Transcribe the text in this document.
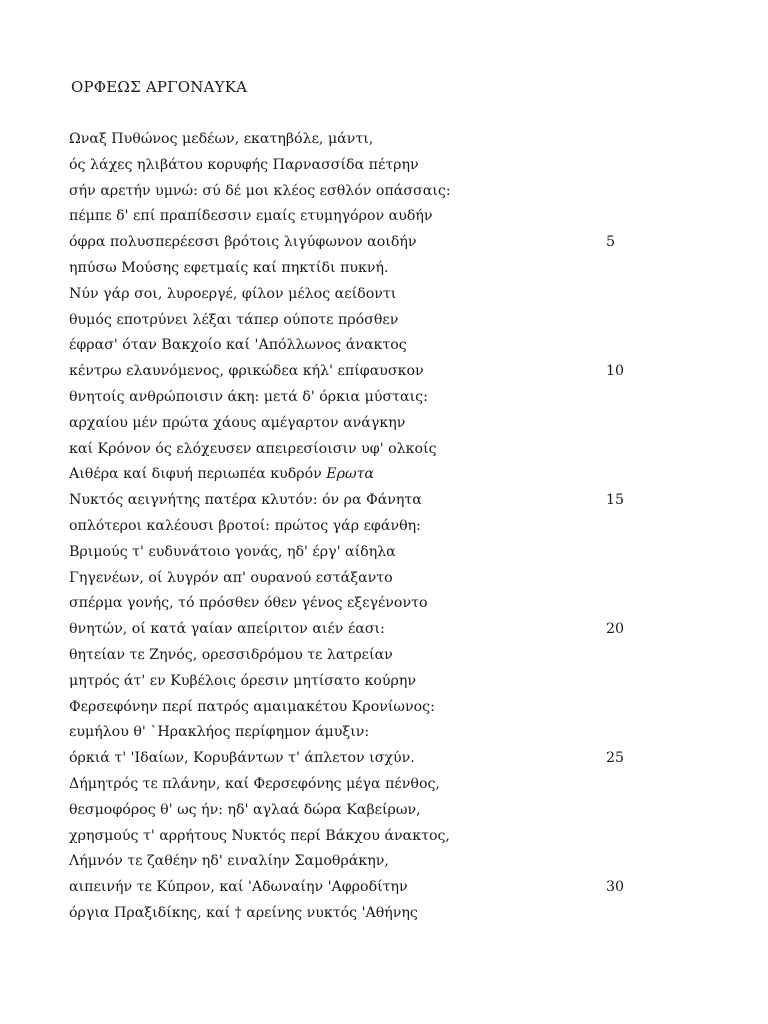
ΟΡΦΕΩΣ ΑΡΓΟΝΑΥΚΑ
Ωναξ Πυθώνος μεδέων, εκατηβόλε, μάντι,
ός λάχες ηλιβάτου κορυφής Παρνασσίδα πέτρην
σήν αρετήν υμνώ: σύ δέ μοι κλέος εσθλόν οπάσσαις:
πέμπε δ' επί πραπίδεσσιν εμαίς ετυμηγόρον αυδήν
όφρα πολυσπερέεσσι βρότοις λιγύφωνον αοιδήν	5
ηπύσω Μούσης εφετμαίς καί πηκτίδι πυκνή.
Νύν γάρ σοι, λυροεργέ, φίλον μέλος αείδοντι
θυμός εποτρύνει λέξαι τάπερ ούποτε πρόσθεν
έφρασ' όταν Βακχοίο καί 'Απόλλωνος άνακτος
κέντρω ελαυνόμενος, φρικώδεα κήλ' επίφαυσκον	10
θνητοίς ανθρώποισιν άκη: μετά δ' όρκια μύσταις:
αρχαίου μέν πρώτα χάους αμέγαρτον ανάγκην
καί Κρόνον ός ελόχευσεν απειρεσίοισιν υφ' ολκοίς
Αιθέρα καί διφυή περιωπέα κυδρόν Ερωτα
Νυκτός αειγνήτης πατέρα κλυτόν: όν ρα Φάνητα	15
οπλότεροι καλέουσι βροτοί: πρώτος γάρ εφάνθη:
Βριμούς τ' ευδυνάτοιο γονάς, ηδ' έργ' αίδηλα
Γηγενέων, οί λυγρόν απ' ουρανού εστάξαντο
σπέρμα γονής, τό πρόσθεν όθεν γένος εξεγένοντο
θνητών, οί κατά γαίαν απείριτον αιέν έασι:	20
θητείαν τε Ζηνός, ορεσσιδρόμου τε λατρείαν
μητρός άτ' εν Κυβέλοις όρεσιν μητίσατο κούρην
Φερσεφόνην περί πατρός αμαιμακέτου Κρονίωνος:
ευμήλου θ' `Ηρακλήος περίφημον άμυξιν:
όρκιά τ' 'Ιδαίων, Κορυβάντων τ' άπλετον ισχύν.	25
Δήμητρός τε πλάνην, καί Φερσεφόνης μέγα πένθος,
θεσμοφόρος θ' ως ήν: ηδ' αγλαά δώρα Καβείρων,
χρησμούς τ' αρρήτους Νυκτός περί Βάκχου άνακτος,
Λήμνόν τε ζαθέην ηδ' ειναλίην Σαμοθράκην,
αιπεινήν τε Κύπρον, καί 'Αδωναίην 'Αφροδίτην	30
όργια Πραξιδίκης, καί † αρείνης νυκτός 'Αθήνης
